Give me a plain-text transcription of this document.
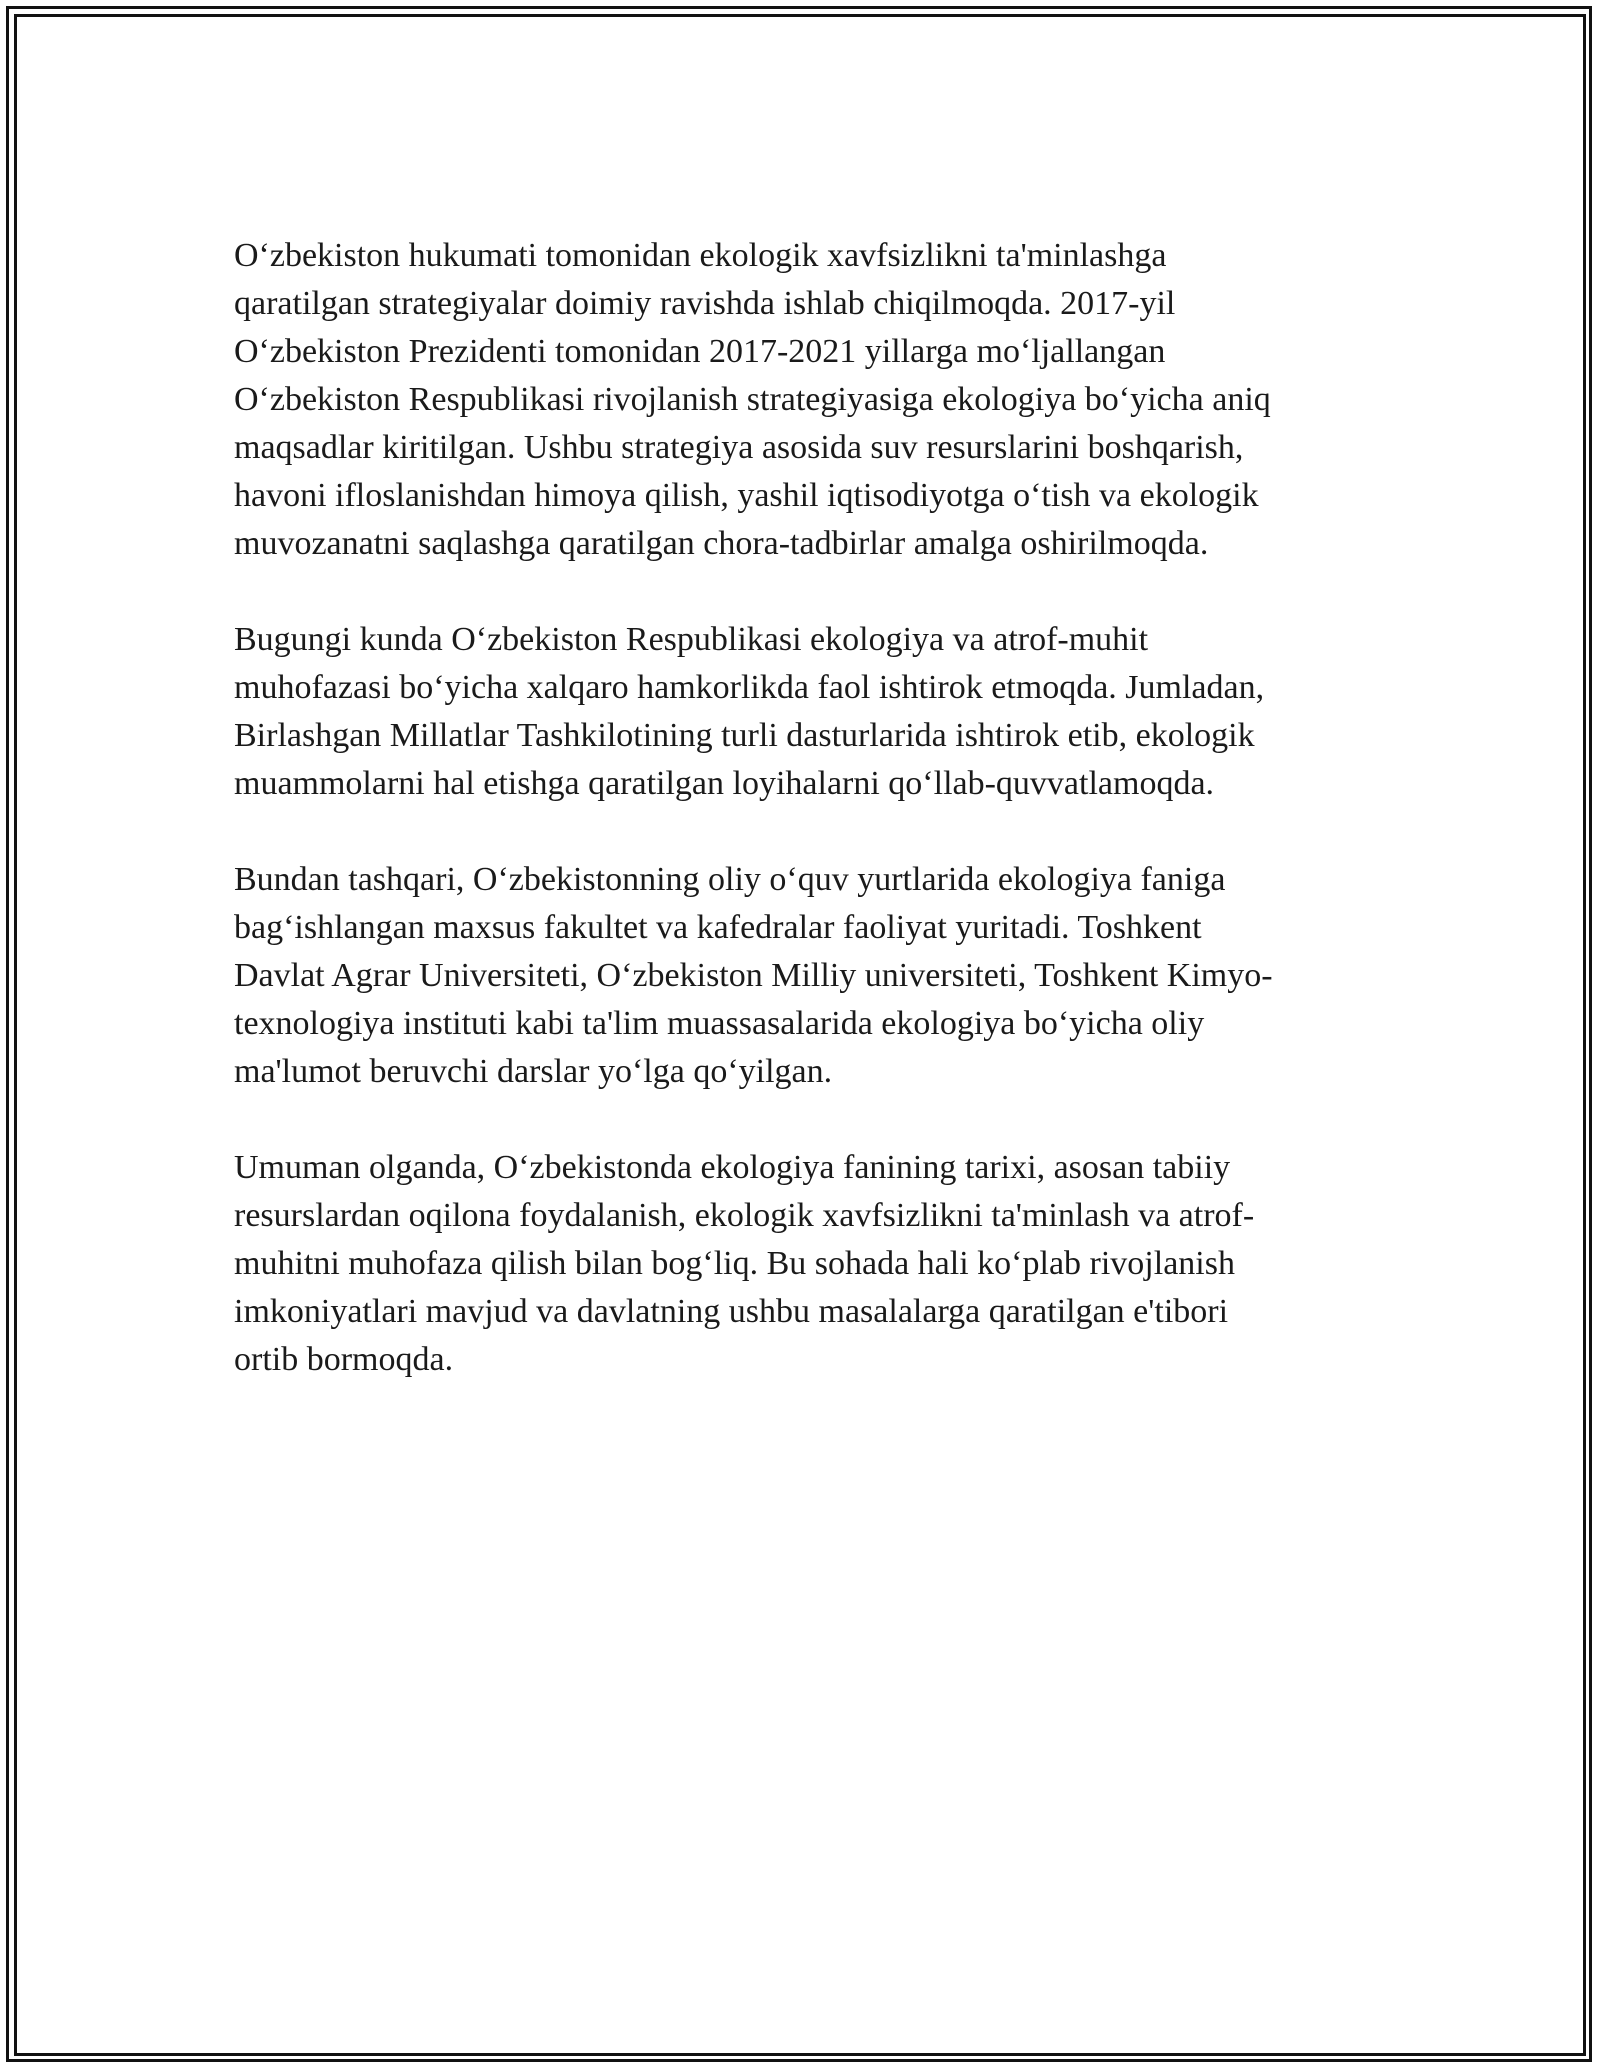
O‘zbekiston hukumati tomonidan ekologik xavfsizlikni ta'minlashga
qaratilgan strategiyalar doimiy ravishda ishlab chiqilmoqda. 2017-yil
O‘zbekiston Prezidenti tomonidan 2017-2021 yillarga mo‘ljallangan
O‘zbekiston Respublikasi rivojlanish strategiyasiga ekologiya bo‘yicha aniq
maqsadlar kiritilgan. Ushbu strategiya asosida suv resurslarini boshqarish,
havoni ifloslanishdan himoya qilish, yashil iqtisodiyotga o‘tish va ekologik
muvozanatni saqlashga qaratilgan chora-tadbirlar amalga oshirilmoqda.

Bugungi kunda O‘zbekiston Respublikasi ekologiya va atrof-muhit
muhofazasi bo‘yicha xalqaro hamkorlikda faol ishtirok etmoqda. Jumladan,
Birlashgan Millatlar Tashkilotining turli dasturlarida ishtirok etib, ekologik
muammolarni hal etishga qaratilgan loyihalarni qo‘llab-quvvatlamoqda.

Bundan tashqari, O‘zbekistonning oliy o‘quv yurtlarida ekologiya faniga
bag‘ishlangan maxsus fakultet va kafedralar faoliyat yuritadi. Toshkent
Davlat Agrar Universiteti, O‘zbekiston Milliy universiteti, Toshkent Kimyo-
texnologiya instituti kabi ta'lim muassasalarida ekologiya bo‘yicha oliy
ma'lumot beruvchi darslar yo‘lga qo‘yilgan.

Umuman olganda, O‘zbekistonda ekologiya fanining tarixi, asosan tabiiy
resurslardan oqilona foydalanish, ekologik xavfsizlikni ta'minlash va atrof-
muhitni muhofaza qilish bilan bog‘liq. Bu sohada hali ko‘plab rivojlanish
imkoniyatlari mavjud va davlatning ushbu masalalarga qaratilgan e'tibori
ortib bormoqda.
